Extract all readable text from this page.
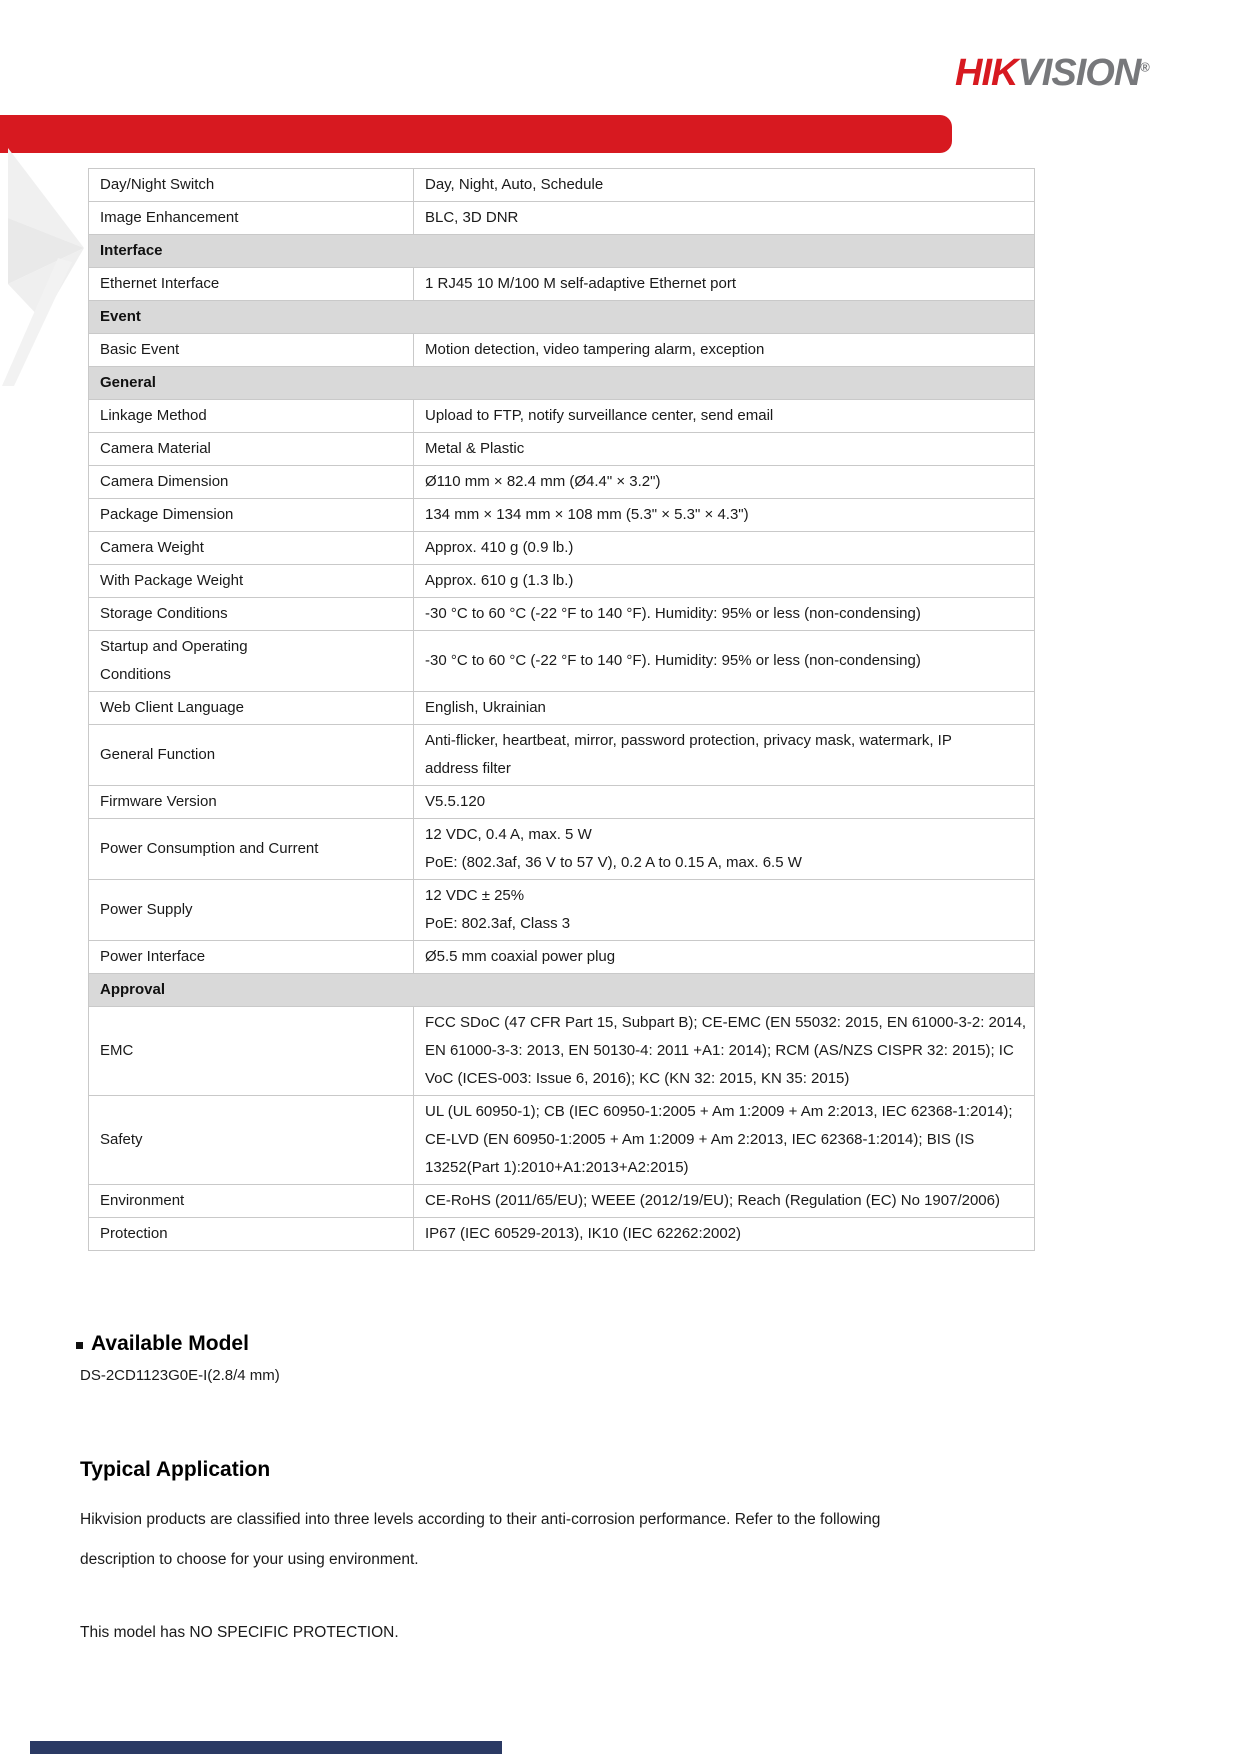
HIKVISION®
Day/Night Switch	Day, Night, Auto, Schedule

Image Enhancement	BLC, 3D DNR

Interface	

Ethernet Interface	1 RJ45 10 M/100 M self-adaptive Ethernet port

Event	

Basic Event	Motion detection, video tampering alarm, exception

General	

Linkage Method	Upload to FTP, notify surveillance center, send email

Camera Material	Metal & Plastic

Camera Dimension	Ø110 mm × 82.4 mm (Ø4.4" × 3.2")

Package Dimension	134 mm × 134 mm × 108 mm (5.3" × 5.3" × 4.3")

Camera Weight	Approx. 410 g (0.9 lb.)

With Package Weight	Approx. 610 g (1.3 lb.)

Storage Conditions	-30 °C to 60 °C (-22 °F to 140 °F). Humidity: 95% or less (non-condensing)

Startup and Operating
Conditions	-30 °C to 60 °C (-22 °F to 140 °F). Humidity: 95% or less (non-condensing)

Web Client Language	English, Ukrainian

General Function	Anti-flicker, heartbeat, mirror, password protection, privacy mask, watermark, IP
address filter

Firmware Version	V5.5.120

Power Consumption and Current	12 VDC, 0.4 A, max. 5 W
PoE: (802.3af, 36 V to 57 V), 0.2 A to 0.15 A, max. 6.5 W

Power Supply	12 VDC ± 25%
PoE: 802.3af, Class 3

Power Interface	Ø5.5 mm coaxial power plug

Approval	

EMC	FCC SDoC (47 CFR Part 15, Subpart B); CE-EMC (EN 55032: 2015, EN 61000-3-2: 2014,
EN 61000-3-3: 2013, EN 50130-4: 2011 +A1: 2014); RCM (AS/NZS CISPR 32: 2015); IC
VoC (ICES-003: Issue 6, 2016); KC (KN 32: 2015, KN 35: 2015)

Safety	UL (UL 60950-1); CB (IEC 60950-1:2005 + Am 1:2009 + Am 2:2013, IEC 62368-1:2014);
CE-LVD (EN 60950-1:2005 + Am 1:2009 + Am 2:2013, IEC 62368-1:2014); BIS (IS
13252(Part 1):2010+A1:2013+A2:2015)

Environment	CE-RoHS (2011/65/EU); WEEE (2012/19/EU); Reach (Regulation (EC) No 1907/2006)

Protection	IP67 (IEC 60529-2013), IK10 (IEC 62262:2002)
Available Model
DS-2CD1123G0E-I(2.8/4 mm)
Typical Application
Hikvision products are classified into three levels according to their anti-corrosion performance. Refer to the following
description to choose for your using environment.
This model has NO SPECIFIC PROTECTION.
